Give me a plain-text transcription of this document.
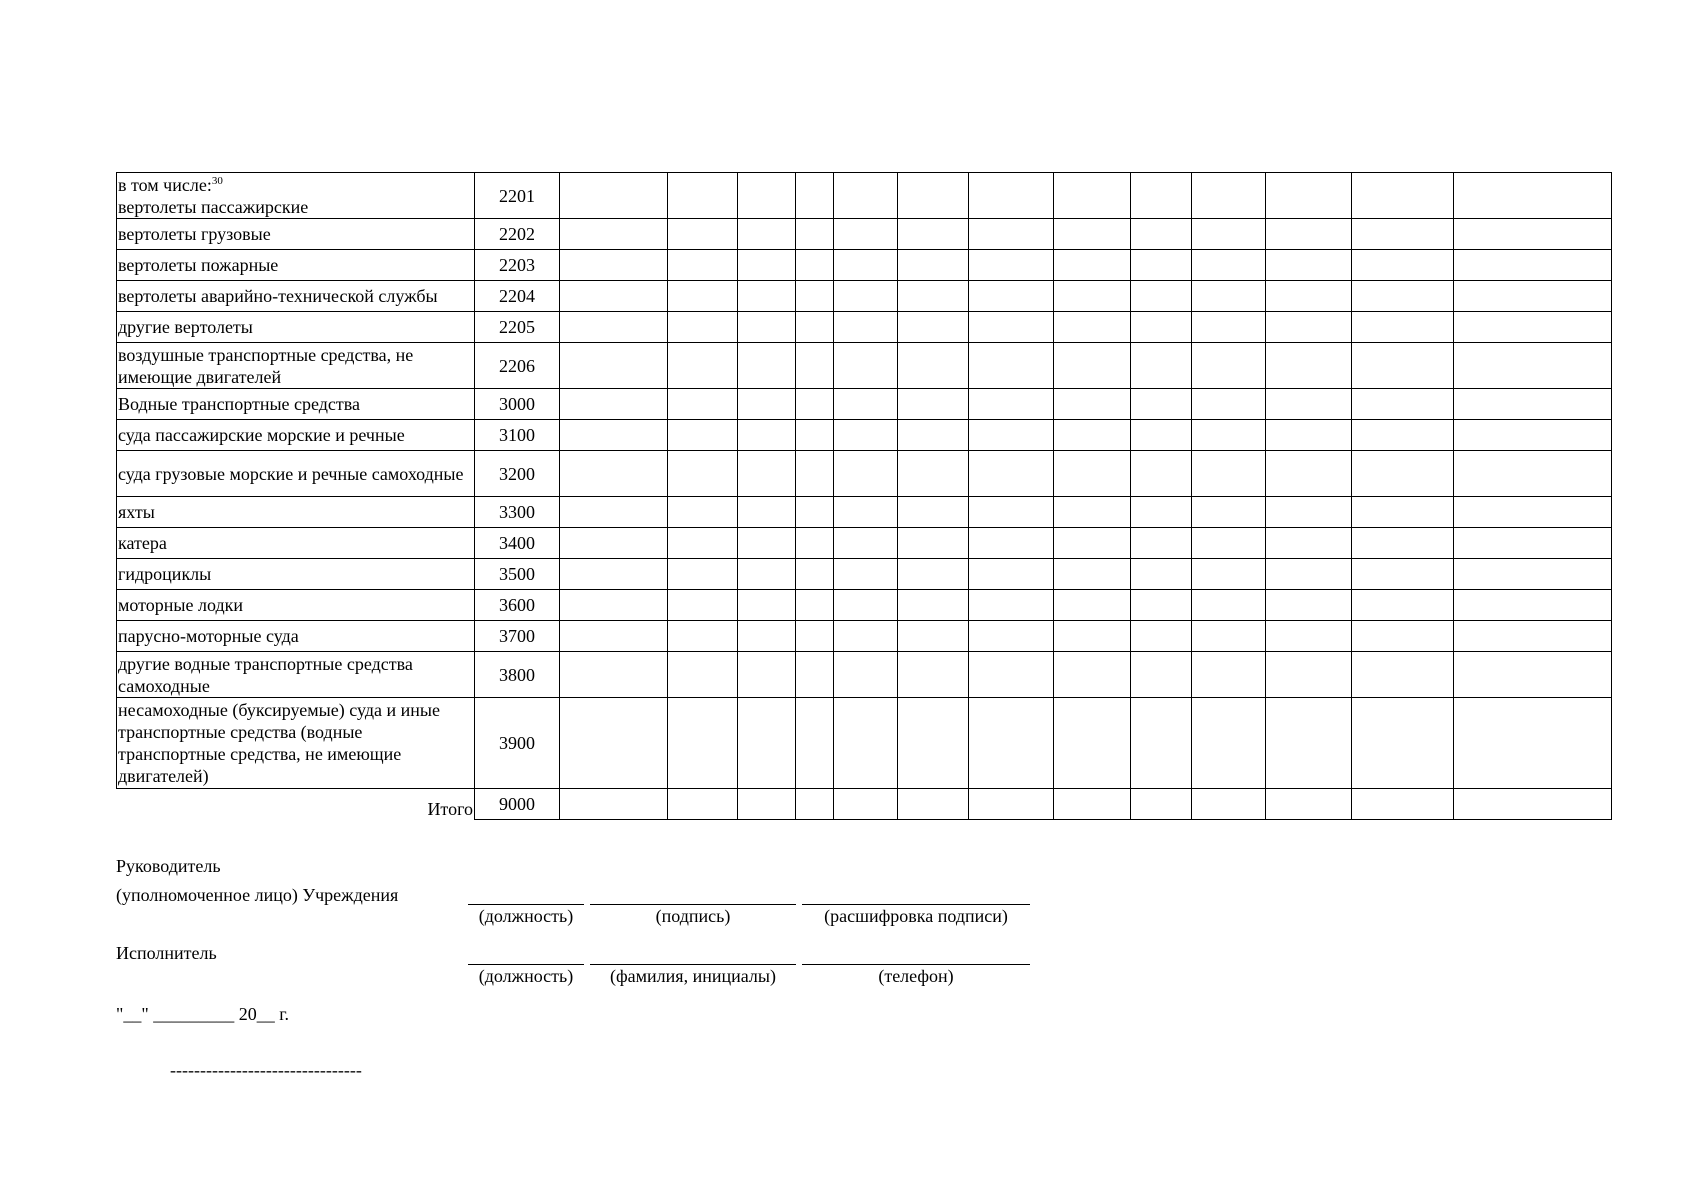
в том числе:$^{30}$
вертолеты пассажирские	2201													
вертолеты грузовые	2202													
вертолеты пожарные	2203													
вертолеты аварийно-технической службы	2204													
другие вертолеты	2205													
воздушные транспортные средства, не имеющие двигателей	2206													
Водные транспортные средства	3000													
суда пассажирские морские и речные	3100													
суда грузовые морские и речные самоходные	3200													
яхты	3300													
катера	3400													
гидроциклы	3500													
моторные лодки	3600													
парусно-моторные суда	3700													
другие водные транспортные средства самоходные	3800													
несамоходные (буксируемые) суда и иные транспортные средства (водные транспортные средства, не имеющие двигателей)	3900													
Итого	9000													
Руководитель
(уполномоченное лицо) Учреждения
(должность)	(подпись)	(расшифровка подписи)
Исполнитель
(должность)	(фамилия, инициалы)	(телефон)
"__" _________ 20__ г.
--------------------------------
